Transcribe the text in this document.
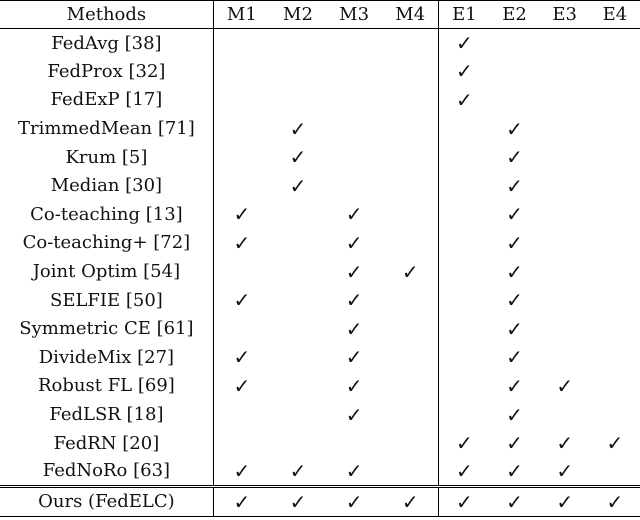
Methods	M1	M2	M3	M4	E1	E2	E3	E4
FedAvg [38]					✓			
FedProx [32]					✓			
FedExP [17]					✓			
TrimmedMean [71]		✓				✓		
Krum [5]		✓				✓		
Median [30]		✓				✓		
Co-teaching [13]	✓		✓			✓		
Co-teaching+ [72]	✓		✓			✓		
Joint Optim [54]			✓	✓		✓		
SELFIE [50]	✓		✓			✓		
Symmetric CE [61]			✓			✓		
DivideMix [27]	✓		✓			✓		
Robust FL [69]	✓		✓			✓	✓	
FedLSR [18]			✓			✓		
FedRN [20]					✓	✓	✓	✓
FedNoRo [63]	✓	✓	✓		✓	✓	✓	
Ours (FedELC)	✓	✓	✓	✓	✓	✓	✓	✓
